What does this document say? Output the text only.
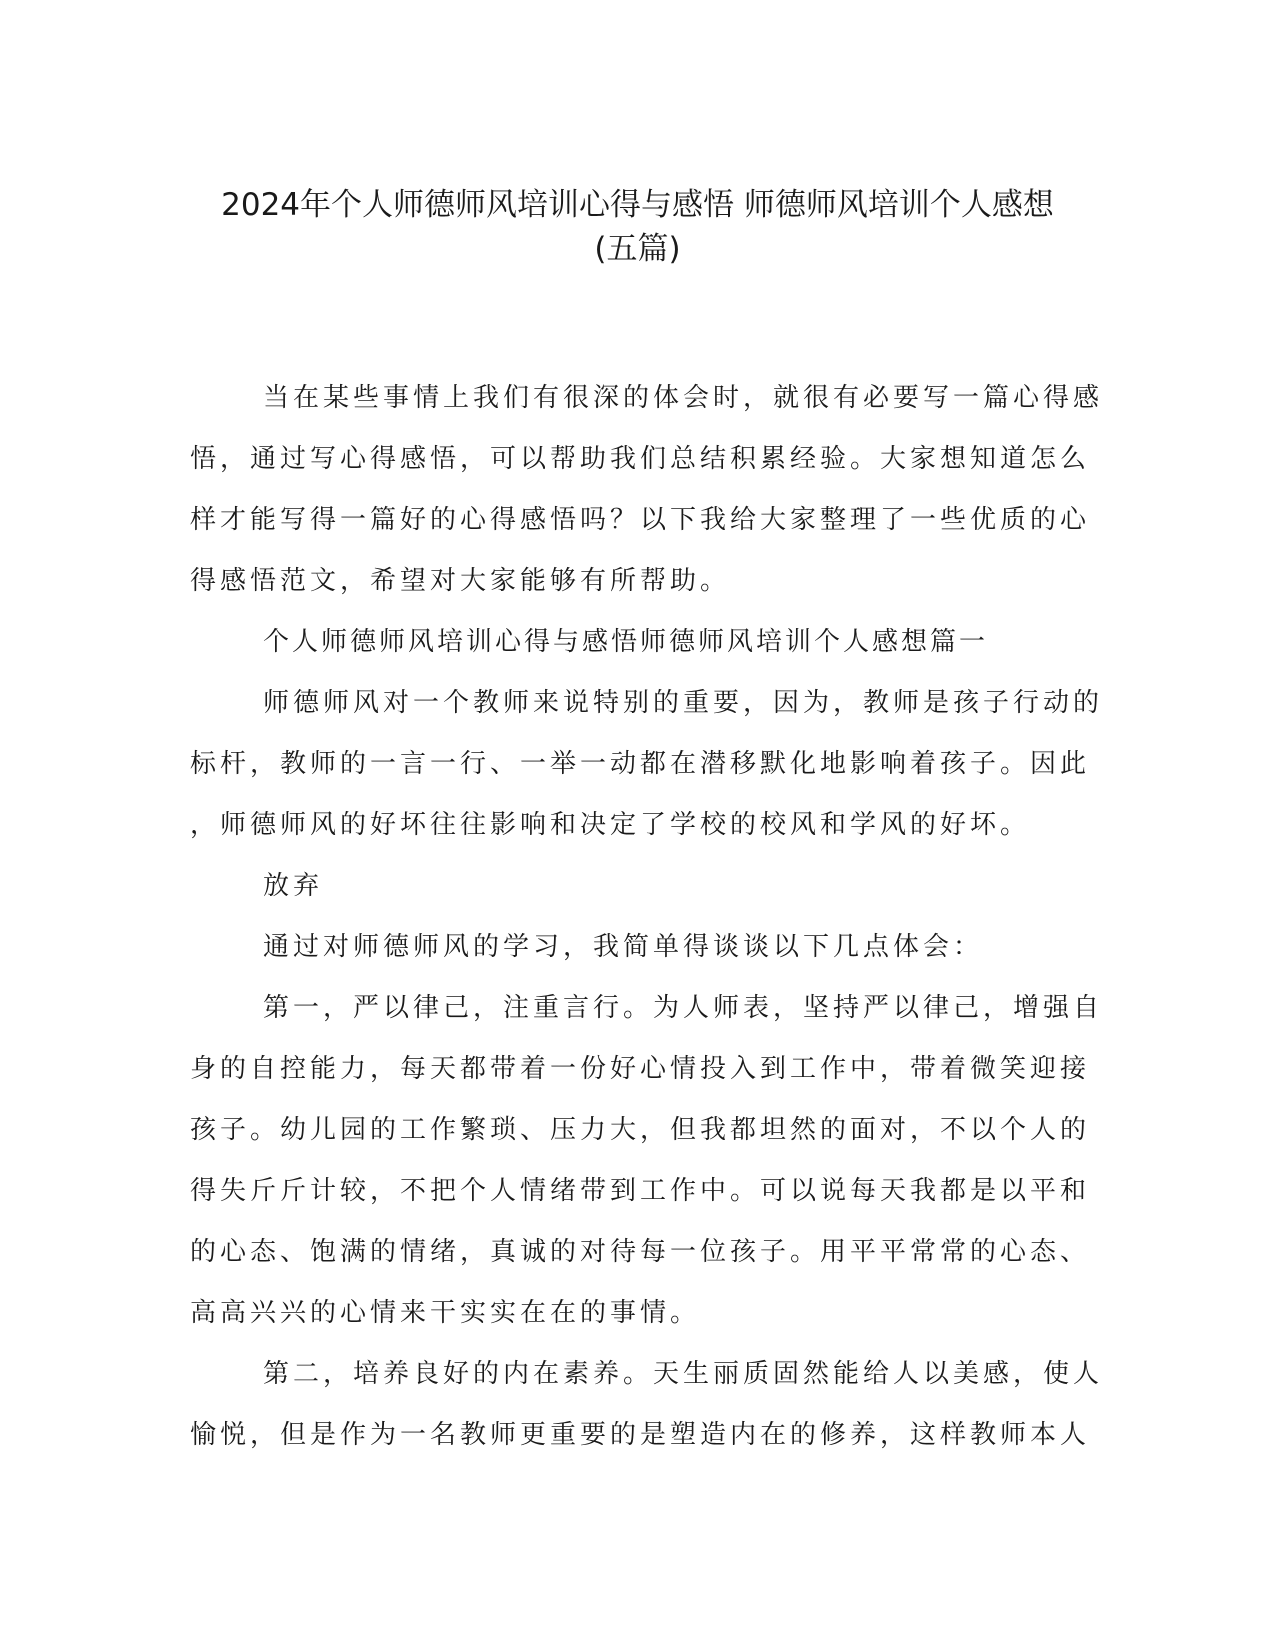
2024年个人师德师风培训心得与感悟 师德师风培训个人感想
(五篇)

当在某些事情上我们有很深的体会时，就很有必要写一篇心得感
悟，通过写心得感悟，可以帮助我们总结积累经验。大家想知道怎么
样才能写得一篇好的心得感悟吗？以下我给大家整理了一些优质的心
得感悟范文，希望对大家能够有所帮助。

个人师德师风培训心得与感悟师德师风培训个人感想篇一

师德师风对一个教师来说特别的重要，因为，教师是孩子行动的
标杆，教师的一言一行、一举一动都在潜移默化地影响着孩子。因此
，师德师风的好坏往往影响和决定了学校的校风和学风的好坏。

放弃

通过对师德师风的学习，我简单得谈谈以下几点体会：

第一，严以律己，注重言行。为人师表，坚持严以律己，增强自
身的自控能力，每天都带着一份好心情投入到工作中，带着微笑迎接
孩子。幼儿园的工作繁琐、压力大，但我都坦然的面对，不以个人的
得失斤斤计较，不把个人情绪带到工作中。可以说每天我都是以平和
的心态、饱满的情绪，真诚的对待每一位孩子。用平平常常的心态、
高高兴兴的心情来干实实在在的事情。

第二，培养良好的内在素养。天生丽质固然能给人以美感，使人
愉悦，但是作为一名教师更重要的是塑造内在的修养，这样教师本人
